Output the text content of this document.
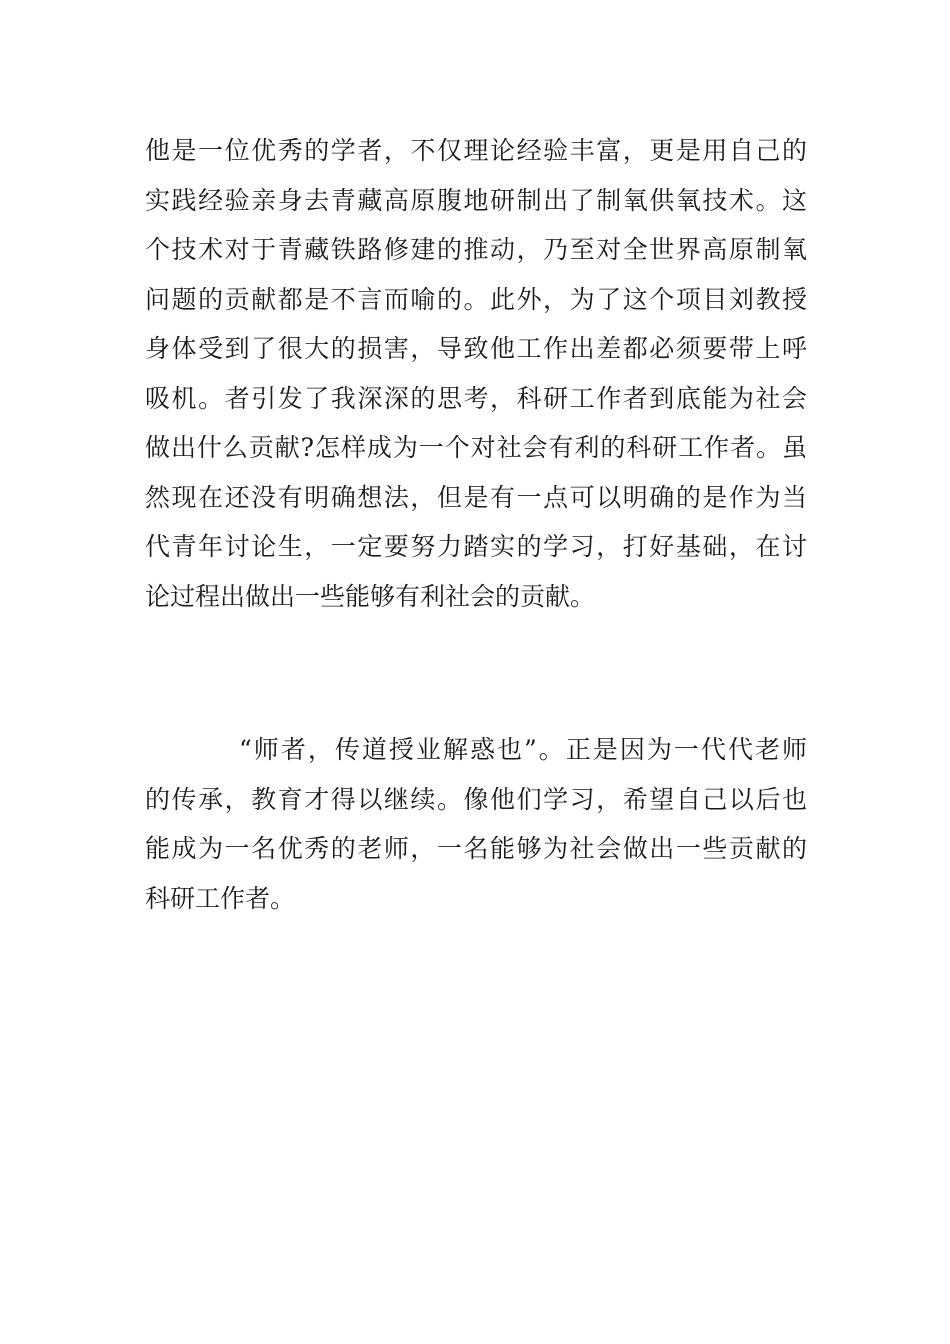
他是一位优秀的学者，不仅理论经验丰富，更是用自己的
实践经验亲身去青藏高原腹地研制出了制氧供氧技术。这
个技术对于青藏铁路修建的推动，乃至对全世界高原制氧
问题的贡献都是不言而喻的。此外，为了这个项目刘教授
身体受到了很大的损害，导致他工作出差都必须要带上呼
吸机。者引发了我深深的思考，科研工作者到底能为社会
做出什么贡献?怎样成为一个对社会有利的科研工作者。虽
然现在还没有明确想法，但是有一点可以明确的是作为当
代青年讨论生，一定要努力踏实的学习，打好基础，在讨
论过程出做出一些能够有利社会的贡献。
“师者，传道授业解惑也”。正是因为一代代老师
的传承，教育才得以继续。像他们学习，希望自己以后也
能成为一名优秀的老师，一名能够为社会做出一些贡献的
科研工作者。
